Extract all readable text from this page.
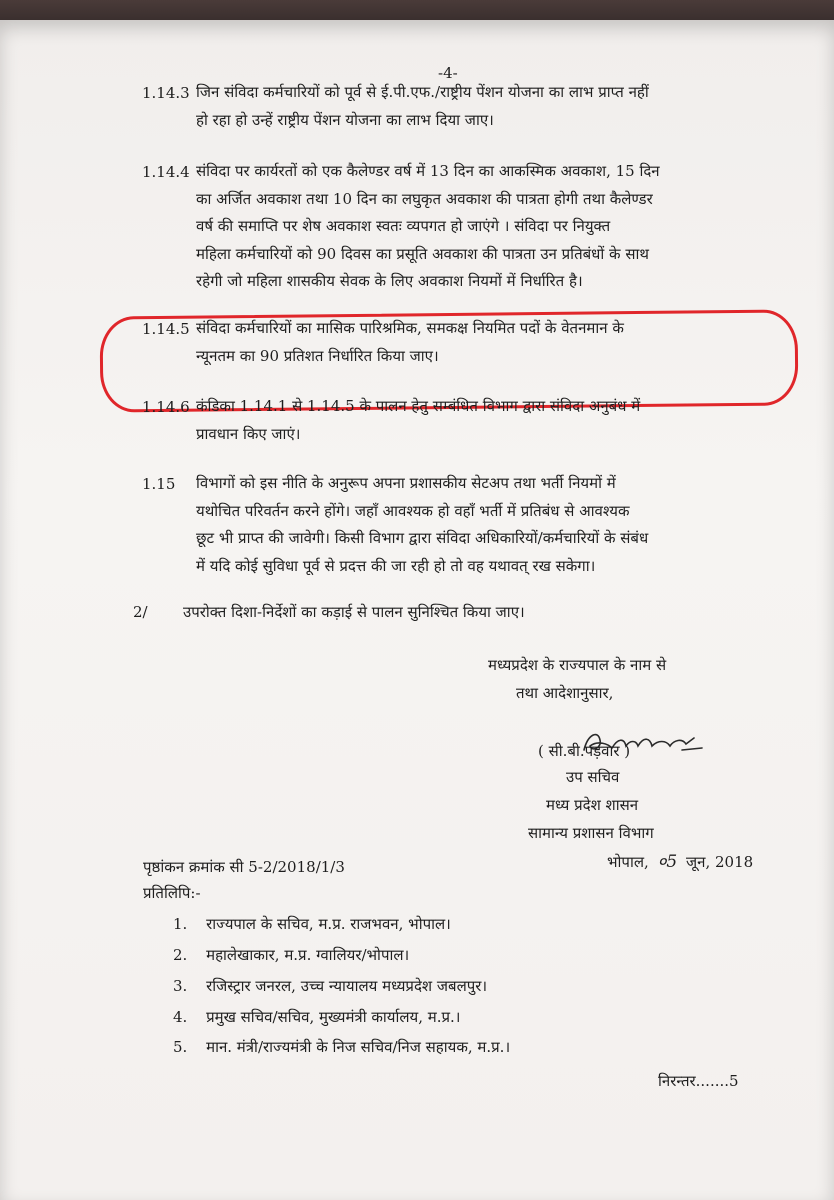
-4-
1.14.3 जिन संविदा कर्मचारियों को पूर्व से ई.पी.एफ./राष्ट्रीय पेंशन योजना का लाभ प्राप्त नहीं
हो रहा हो उन्हें राष्ट्रीय पेंशन योजना का लाभ दिया जाए।
1.14.4 संविदा पर कार्यरतों को एक कैलेण्डर वर्ष में 13 दिन का आकस्मिक अवकाश, 15 दिन
का अर्जित अवकाश तथा 10 दिन का लघुकृत अवकाश की पात्रता होगी तथा कैलेण्डर
वर्ष की समाप्ति पर शेष अवकाश स्वतः व्यपगत हो जाएंगे । संविदा पर नियुक्त
महिला कर्मचारियों को 90 दिवस का प्रसूति अवकाश की पात्रता उन प्रतिबंधों के साथ
रहेगी जो महिला शासकीय सेवक के लिए अवकाश नियमों में निर्धारित है।
1.14.5 संविदा कर्मचारियों का मासिक पारिश्रमिक, समकक्ष नियमित पदों के वेतनमान के
न्यूनतम का 90 प्रतिशत निर्धारित किया जाए।
1.14.6 कंडिका 1.14.1 से 1.14.5 के पालन हेतु सम्बंधित विभाग द्वारा संविदा अनुबंध में
प्रावधान किए जाएं।
1.15 विभागों को इस नीति के अनुरूप अपना प्रशासकीय सेटअप तथा भर्ती नियमों में
यथोचित परिवर्तन करने होंगे। जहाँ आवश्यक हो वहाँ भर्ती में प्रतिबंध से आवश्यक
छूट भी प्राप्त की जावेगी। किसी विभाग द्वारा संविदा अधिकारियों/कर्मचारियों के संबंध
में यदि कोई सुविधा पूर्व से प्रदत्त की जा रही हो तो वह यथावत् रख सकेगा।
2/ उपरोक्त दिशा-निर्देशों का कड़ाई से पालन सुनिश्चित किया जाए।
मध्यप्रदेश के राज्यपाल के नाम से
तथा आदेशानुसार,
( सी.बी.पड़वार )
उप सचिव
मध्य प्रदेश शासन
सामान्य प्रशासन विभाग
पृष्ठांकन क्रमांक सी 5-2/2018/1/3	भोपाल, ०5 जून, 2018
प्रतिलिपि:-
1. राज्यपाल के सचिव, म.प्र. राजभवन, भोपाल।
2. महालेखाकार, म.प्र. ग्वालियर/भोपाल।
3. रजिस्ट्रार जनरल, उच्च न्यायालय मध्यप्रदेश जबलपुर।
4. प्रमुख सचिव/सचिव, मुख्यमंत्री कार्यालय, म.प्र.।
5. मान. मंत्री/राज्यमंत्री के निज सचिव/निज सहायक, म.प्र.।
निरन्तर.......5
